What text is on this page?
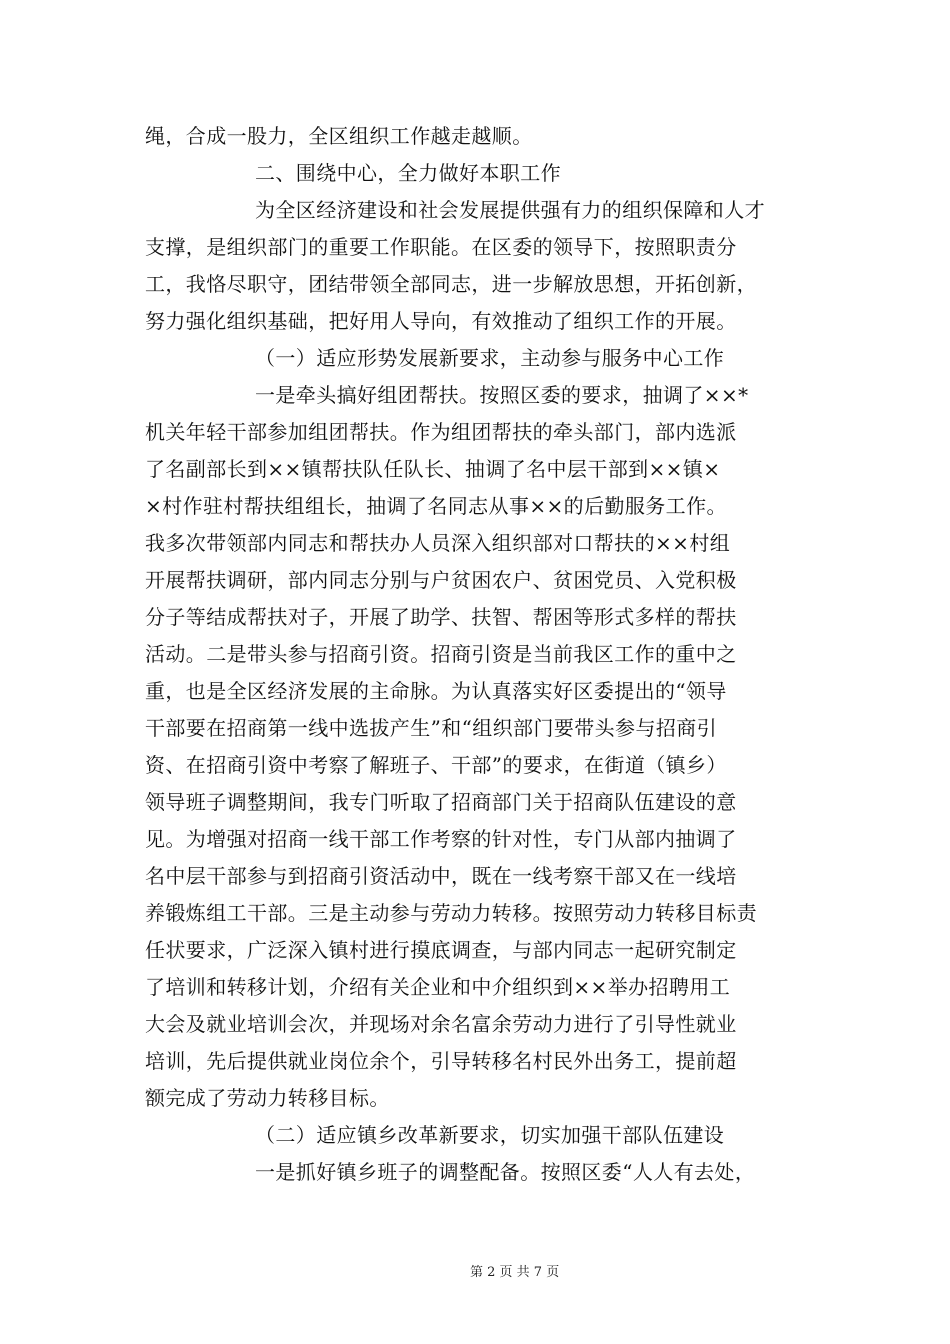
绳，合成一股力，全区组织工作越走越顺。
二、围绕中心，全力做好本职工作
为全区经济建设和社会发展提供强有力的组织保障和人才
支撑，是组织部门的重要工作职能。在区委的领导下，按照职责分
工，我恪尽职守，团结带领全部同志，进一步解放思想，开拓创新，
努力强化组织基础，把好用人导向，有效推动了组织工作的开展。
（一）适应形势发展新要求，主动参与服务中心工作
一是牵头搞好组团帮扶。按照区委的要求，抽调了××*
机关年轻干部参加组团帮扶。作为组团帮扶的牵头部门，部内选派
了名副部长到××镇帮扶队任队长、抽调了名中层干部到××镇×
×村作驻村帮扶组组长，抽调了名同志从事××的后勤服务工作。
我多次带领部内同志和帮扶办人员深入组织部对口帮扶的××村组
开展帮扶调研，部内同志分别与户贫困农户、贫困党员、入党积极
分子等结成帮扶对子，开展了助学、扶智、帮困等形式多样的帮扶
活动。二是带头参与招商引资。招商引资是当前我区工作的重中之
重，也是全区经济发展的主命脉。为认真落实好区委提出的“领导
干部要在招商第一线中选拔产生”和“组织部门要带头参与招商引
资、在招商引资中考察了解班子、干部”的要求，在街道（镇乡）
领导班子调整期间，我专门听取了招商部门关于招商队伍建设的意
见。为增强对招商一线干部工作考察的针对性，专门从部内抽调了
名中层干部参与到招商引资活动中，既在一线考察干部又在一线培
养锻炼组工干部。三是主动参与劳动力转移。按照劳动力转移目标责
任状要求，广泛深入镇村进行摸底调查，与部内同志一起研究制定
了培训和转移计划，介绍有关企业和中介组织到××举办招聘用工
大会及就业培训会次，并现场对余名富余劳动力进行了引导性就业
培训，先后提供就业岗位余个，引导转移名村民外出务工，提前超
额完成了劳动力转移目标。
（二）适应镇乡改革新要求，切实加强干部队伍建设
一是抓好镇乡班子的调整配备。按照区委“人人有去处，
第 2 页 共 7 页
